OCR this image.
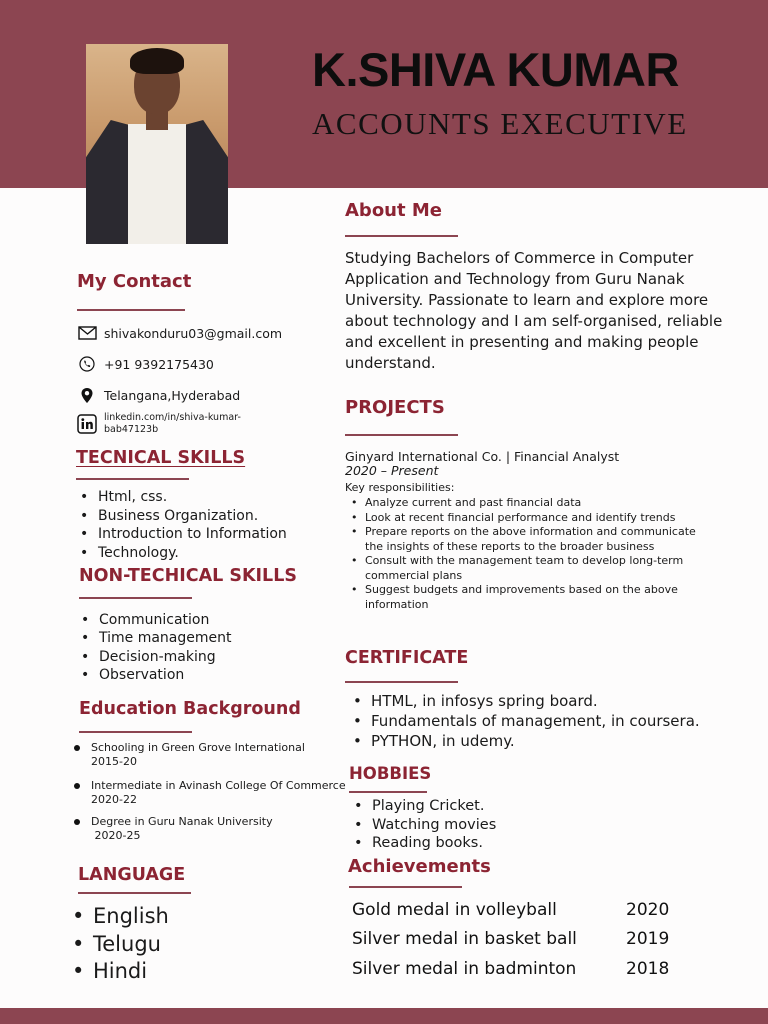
K.SHIVA KUMAR
ACCOUNTS EXECUTIVE
My Contact
shivakonduru03@gmail.com
+91 9392175430
Telangana,Hyderabad
linkedin.com/in/shiva-kumar-
bab47123b
TECNICAL SKILLS
• Html, css.
• Business Organization.
• Introduction to Information
• Technology.
NON-TECHICAL SKILLS
• Communication
• Time management
• Decision-making
• Observation
Education Background
Schooling in Green Grove International
2015-20
Intermediate in Avinash College Of Commerce
2020-22
Degree in Guru Nanak University
2020-25
LANGUAGE
• English
• Telugu
• Hindi
About Me
Studying Bachelors of Commerce in Computer Application and Technology from Guru Nanak University. Passionate to learn and explore more about technology and I am self-organised, reliable and excellent in presenting and making people understand.
PROJECTS
Ginyard International Co. | Financial Analyst
2020 – Present
Key responsibilities:
• Analyze current and past financial data
• Look at recent financial performance and identify trends
• Prepare reports on the above information and communicate the insights of these reports to the broader business
• Consult with the management team to develop long-term commercial plans
• Suggest budgets and improvements based on the above information
CERTIFICATE
• HTML, in infosys spring board.
• Fundamentals of management, in coursera.
• PYTHON, in udemy.
HOBBIES
• Playing Cricket.
• Watching movies
• Reading books.
Achievements
Gold medal in volleyball	2020
Silver medal in basket ball	2019
Silver medal in badminton	2018
